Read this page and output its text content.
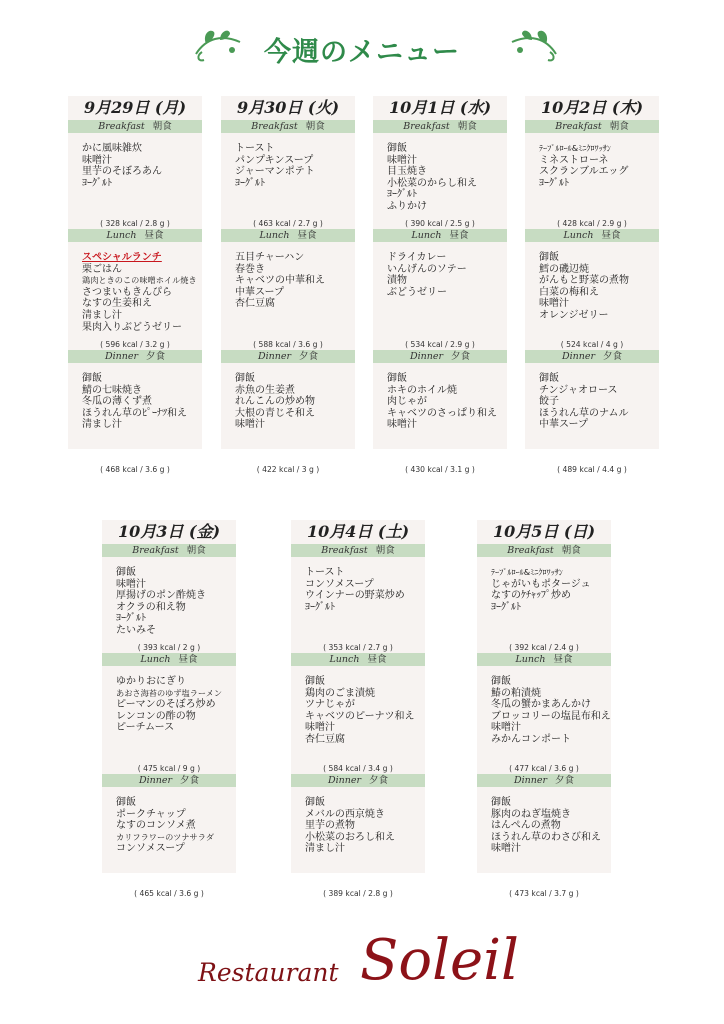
今週のメニュー
9月29日 (月)
Breakfast 朝食
かに風味雑炊
味噌汁
里芋のそぼろあん
ﾖｰｸﾞﾙﾄ
( 328 kcal / 2.8 g )
Lunch 昼食
スペシャルランチ
栗ごはん
鶏肉ときのこの味噌ホイル焼き
さつまいもきんぴら
なすの生姜和え
清まし汁
果肉入りぶどうゼリー
( 596 kcal / 3.2 g )
Dinner 夕食
御飯
鯖の七味焼き
冬瓜の薄くず煮
ほうれん草のﾋﾟｰﾅﾂ和え
清まし汁
( 468 kcal / 3.6 g )
9月30日 (火)
Breakfast 朝食
トースト
パンプキンスープ
ジャーマンポテト
ﾖｰｸﾞﾙﾄ
( 463 kcal / 2.7 g )
Lunch 昼食
五目チャーハン
春巻き
キャベツの中華和え
中華スープ
杏仁豆腐
( 588 kcal / 3.6 g )
Dinner 夕食
御飯
赤魚の生姜煮
れんこんの炒め物
大根の青じそ和え
味噌汁
( 422 kcal / 3 g )
10月1日 (水)
Breakfast 朝食
御飯
味噌汁
目玉焼き
小松菜のからし和え
ﾖｰｸﾞﾙﾄ
ふりかけ
( 390 kcal / 2.5 g )
Lunch 昼食
ドライカレー
いんげんのソテー
漬物
ぶどうゼリー
( 534 kcal / 2.9 g )
Dinner 夕食
御飯
ホキのホイル焼
肉じゃが
キャベツのさっぱり和え
味噌汁
( 430 kcal / 3.1 g )
10月2日 (木)
Breakfast 朝食
ﾃｰﾌﾞﾙﾛｰﾙ&ﾐﾆｸﾛﾜｯｻﾝ
ミネストローネ
スクランブルエッグ
ﾖｰｸﾞﾙﾄ
( 428 kcal / 2.9 g )
Lunch 昼食
御飯
鱈の磯辺焼
がんもと野菜の煮物
白菜の梅和え
味噌汁
オレンジゼリー
( 524 kcal / 4 g )
Dinner 夕食
御飯
チンジャオロース
餃子
ほうれん草のナムル
中華スープ
( 489 kcal / 4.4 g )
10月3日 (金)
Breakfast 朝食
御飯
味噌汁
厚揚げのポン酢焼き
オクラの和え物
ﾖｰｸﾞﾙﾄ
たいみそ
( 393 kcal / 2 g )
Lunch 昼食
ゆかりおにぎり
あおさ海苔のゆず塩ラーメン
ピーマンのそぼろ炒め
レンコンの酢の物
ピーチムース
( 475 kcal / 9 g )
Dinner 夕食
御飯
ポークチャップ
なすのコンソメ煮
カリフラワーのツナサラダ
コンソメスープ
( 465 kcal / 3.6 g )
10月4日 (土)
Breakfast 朝食
トースト
コンソメスープ
ウインナーの野菜炒め
ﾖｰｸﾞﾙﾄ
( 353 kcal / 2.7 g )
Lunch 昼食
御飯
鶏肉のごま漬焼
ツナじゃが
キャベツのピーナツ和え
味噌汁
杏仁豆腐
( 584 kcal / 3.4 g )
Dinner 夕食
御飯
メバルの西京焼き
里芋の煮物
小松菜のおろし和え
清まし汁
( 389 kcal / 2.8 g )
10月5日 (日)
Breakfast 朝食
ﾃｰﾌﾞﾙﾛｰﾙ&ﾐﾆｸﾛﾜｯｻﾝ
じゃがいもポタージュ
なすのｹﾁｬｯﾌﾟ炒め
ﾖｰｸﾞﾙﾄ
( 392 kcal / 2.4 g )
Lunch 昼食
御飯
鰆の粕漬焼
冬瓜の蟹かまあんかけ
ブロッコリーの塩昆布和え
味噌汁
みかんコンポート
( 477 kcal / 3.6 g )
Dinner 夕食
御飯
豚肉のねぎ塩焼き
はんぺんの煮物
ほうれん草のわさび和え
味噌汁
( 473 kcal / 3.7 g )
Restaurant Soleil
